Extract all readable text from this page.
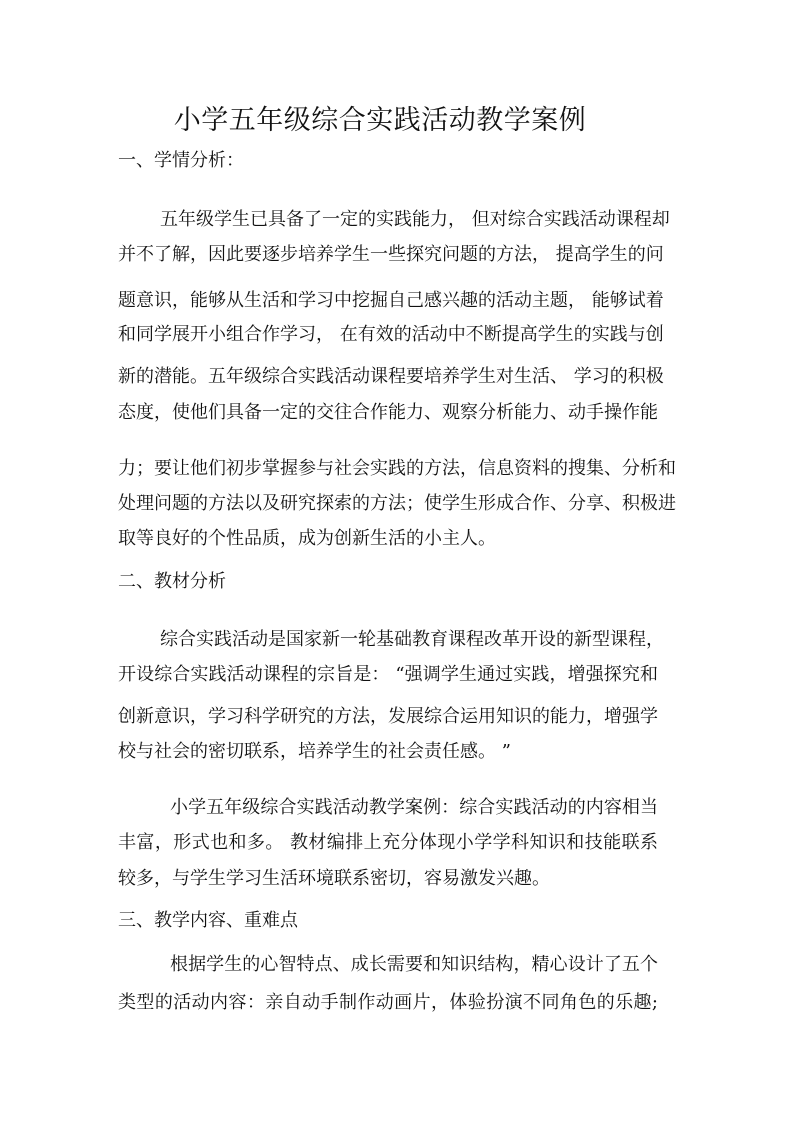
小学五年级综合实践活动教学案例
一、学情分析：
五年级学生已具备了一定的实践能力， 但对综合实践活动课程却
并不了解，因此要逐步培养学生一些探究问题的方法， 提高学生的问
题意识，能够从生活和学习中挖掘自己感兴趣的活动主题， 能够试着
和同学展开小组合作学习， 在有效的活动中不断提高学生的实践与创
新的潜能。五年级综合实践活动课程要培养学生对生活、 学习的积极
态度，使他们具备一定的交往合作能力、观察分析能力、动手操作能
力；要让他们初步掌握参与社会实践的方法，信息资料的搜集、分析和
处理问题的方法以及研究探索的方法；使学生形成合作、分享、积极进
取等良好的个性品质，成为创新生活的小主人。
二、教材分析
综合实践活动是国家新一轮基础教育课程改革开设的新型课程，
开设综合实践活动课程的宗旨是： “强调学生通过实践，增强探究和
创新意识，学习科学研究的方法，发展综合运用知识的能力，增强学
校与社会的密切联系，培养学生的社会责任感。 ”
小学五年级综合实践活动教学案例：综合实践活动的内容相当
丰富，形式也和多。 教材编排上充分体现小学学科知识和技能联系
较多，与学生学习生活环境联系密切，容易激发兴趣。
三、教学内容、重难点
根据学生的心智特点、成长需要和知识结构，精心设计了五个
类型的活动内容：亲自动手制作动画片，体验扮演不同角色的乐趣;
